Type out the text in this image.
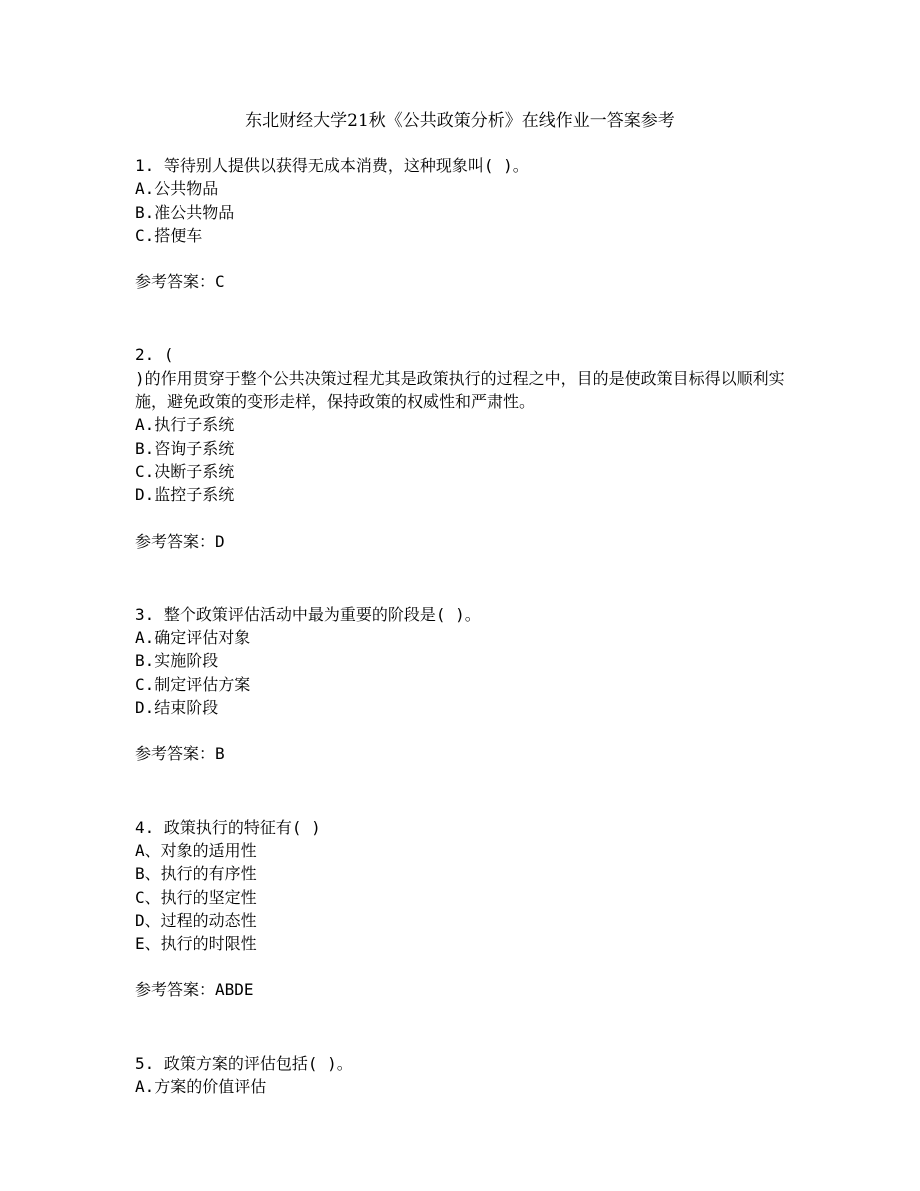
东北财经大学21秋《公共政策分析》在线作业一答案参考

1. 等待别人提供以获得无成本消费，这种现象叫( )。

A.公共物品
B.准公共物品
C.搭便车

参考答案：C

2. (
)的作用贯穿于整个公共决策过程尤其是政策执行的过程之中，目的是使政策目标得以顺利实施，避免政策的变形走样，保持政策的权威性和严肃性。

A.执行子系统
B.咨询子系统
C.决断子系统
D.监控子系统

参考答案：D

3. 整个政策评估活动中最为重要的阶段是( )。

A.确定评估对象
B.实施阶段
C.制定评估方案
D.结束阶段

参考答案：B

4. 政策执行的特征有( )

A、对象的适用性
B、执行的有序性
C、执行的坚定性
D、过程的动态性
E、执行的时限性

参考答案：ABDE

5. 政策方案的评估包括( )。

A.方案的价值评估
